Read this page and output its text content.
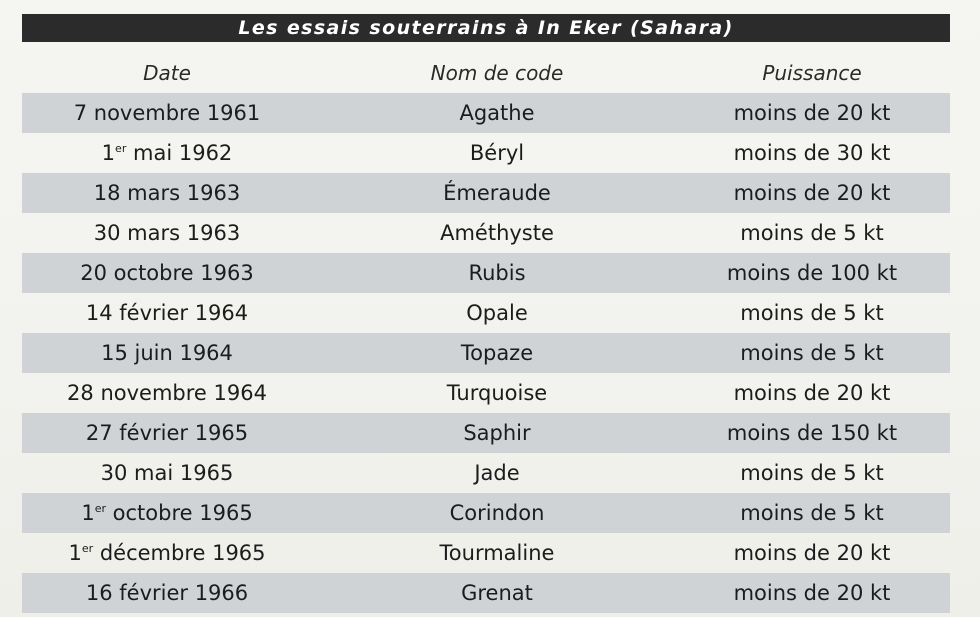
Les essais souterrains à In Eker (Sahara)
Date	Nom de code	Puissance
7 novembre 1961	Agathe	moins de 20 kt
1er mai 1962	Béryl	moins de 30 kt
18 mars 1963	Émeraude	moins de 20 kt
30 mars 1963	Améthyste	moins de 5 kt
20 octobre 1963	Rubis	moins de 100 kt
14 février 1964	Opale	moins de 5 kt
15 juin 1964	Topaze	moins de 5 kt
28 novembre 1964	Turquoise	moins de 20 kt
27 février 1965	Saphir	moins de 150 kt
30 mai 1965	Jade	moins de 5 kt
1er octobre 1965	Corindon	moins de 5 kt
1er décembre 1965	Tourmaline	moins de 20 kt
16 février 1966	Grenat	moins de 20 kt
